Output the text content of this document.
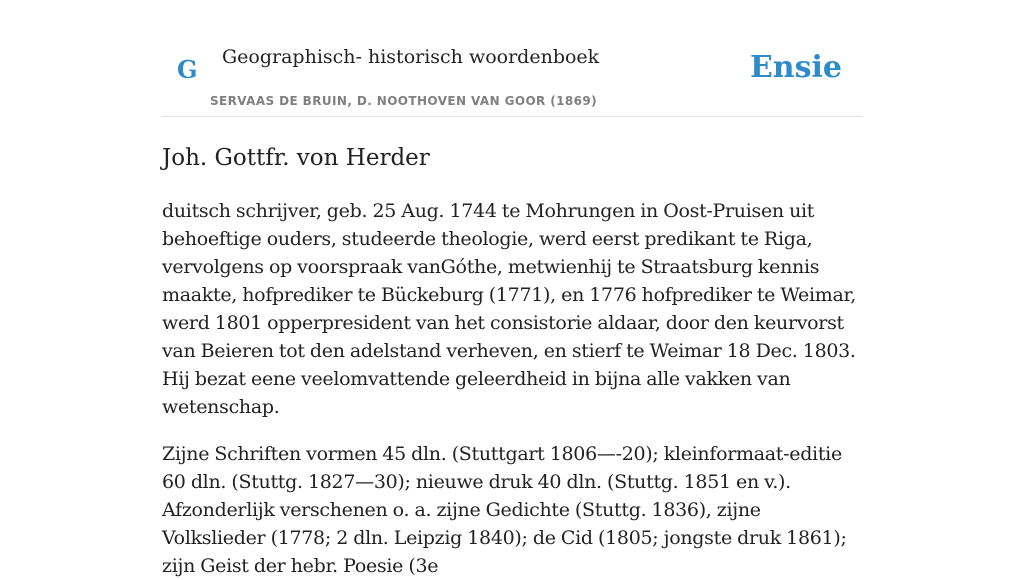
G Geographisch- historisch woordenboek
SERVAAS DE BRUIN, D. NOOTHOVEN VAN GOOR (1869)
Ensie
Joh. Gottfr. von Herder

duitsch schrijver, geb. 25 Aug. 1744 te Mohrungen in Oost-Pruisen uit behoeftige ouders, studeerde theologie, werd eerst predikant te Riga, vervolgens op voorspraak vanGóthe, metwienhij te Straatsburg kennis maakte, hofprediker te Bückeburg (1771), en 1776 hofprediker te Weimar, werd 1801 opperpresident van het consistorie aldaar, door den keurvorst van Beieren tot den adelstand verheven, en stierf te Weimar 18 Dec. 1803. Hij bezat eene veelomvattende geleerdheid in bijna alle vakken van wetenschap.

Zijne Schriften vormen 45 dln. (Stuttgart 1806—-20); kleinformaat-editie 60 dln. (Stuttg. 1827—30); nieuwe druk 40 dln. (Stuttg. 1851 en v.). Afzonderlijk verschenen o. a. zijne Gedichte (Stuttg. 1836), zijne Volkslieder (1778; 2 dln. Leipzig 1840); de Cid (1805; jongste druk 1861); zijn Geist der hebr. Poesie (3e
